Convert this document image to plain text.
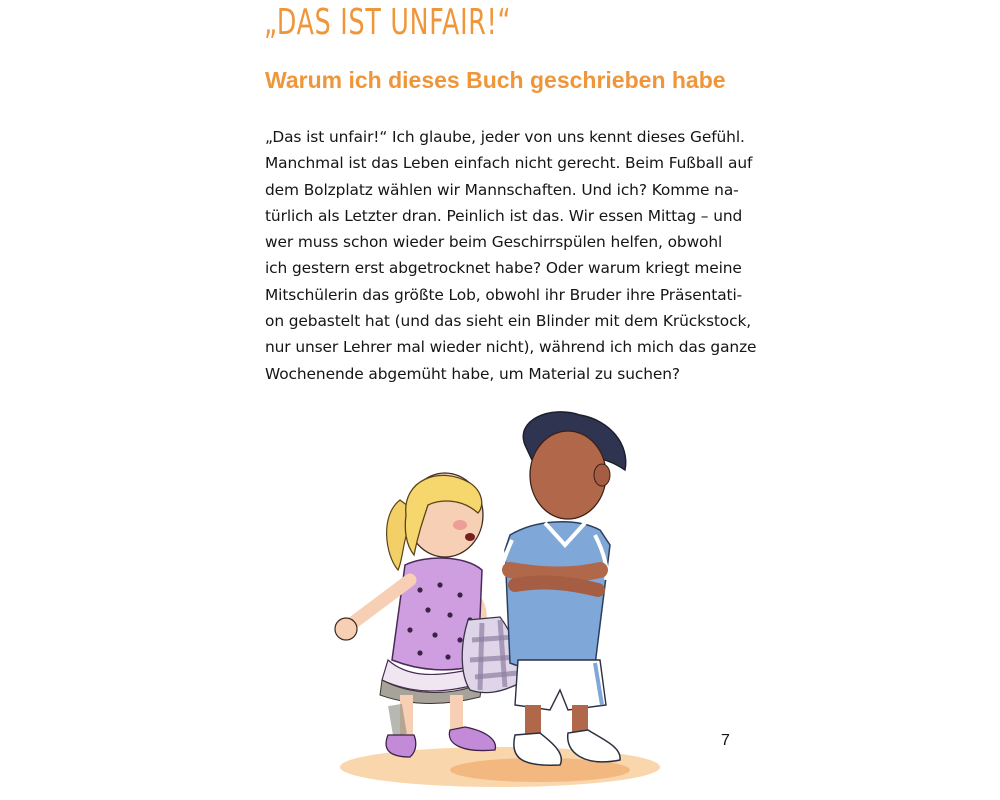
„DAS IST UNFAIR!“
Warum ich dieses Buch geschrieben habe
„Das ist unfair!“ Ich glaube, jeder von uns kennt dieses Gefühl.
Manchmal ist das Leben einfach nicht gerecht. Beim Fußball auf
dem Bolzplatz wählen wir Mannschaften. Und ich? Komme na-
türlich als Letzter dran. Peinlich ist das. Wir essen Mittag – und
wer muss schon wieder beim Geschirrspülen helfen, obwohl
ich gestern erst abgetrocknet habe? Oder warum kriegt meine
Mitschülerin das größte Lob, obwohl ihr Bruder ihre Präsentati-
on gebastelt hat (und das sieht ein Blinder mit dem Krückstock,
nur unser Lehrer mal wieder nicht), während ich mich das ganze
Wochenende abgemüht habe, um Material zu suchen?
7
